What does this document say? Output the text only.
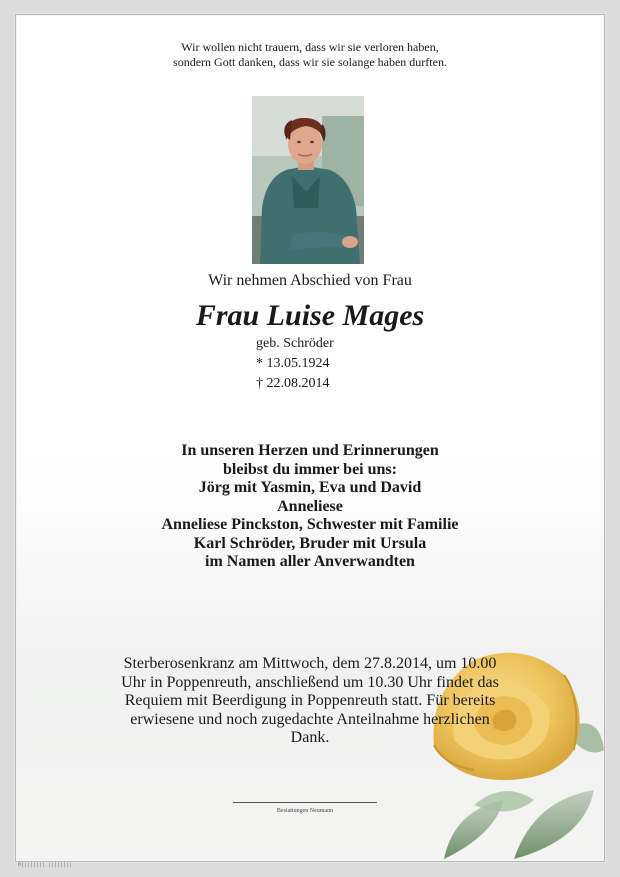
Wir wollen nicht trauern, dass wir sie verloren haben,
sondern Gott danken, dass wir sie solange haben durften.
Wir nehmen Abschied von Frau
Frau Luise Mages
geb. Schröder
* 13.05.1924
† 22.08.2014
In unseren Herzen und Erinnerungen
bleibst du immer bei uns:
Jörg mit Yasmin, Eva und David
Anneliese
Anneliese Pinckston, Schwester mit Familie
Karl Schröder, Bruder mit Ursula
im Namen aller Anverwandten
Sterberosenkranz am Mittwoch, dem 27.8.2014, um 10.00
Uhr in Poppenreuth, anschließend um 10.30 Uhr findet das
Requiem mit Beerdigung in Poppenreuth statt. Für bereits
erwiesene und noch zugedachte Anteilnahme herzlichen
Dank.
Bestattungen Neumann
0|||||||| ||||||||
